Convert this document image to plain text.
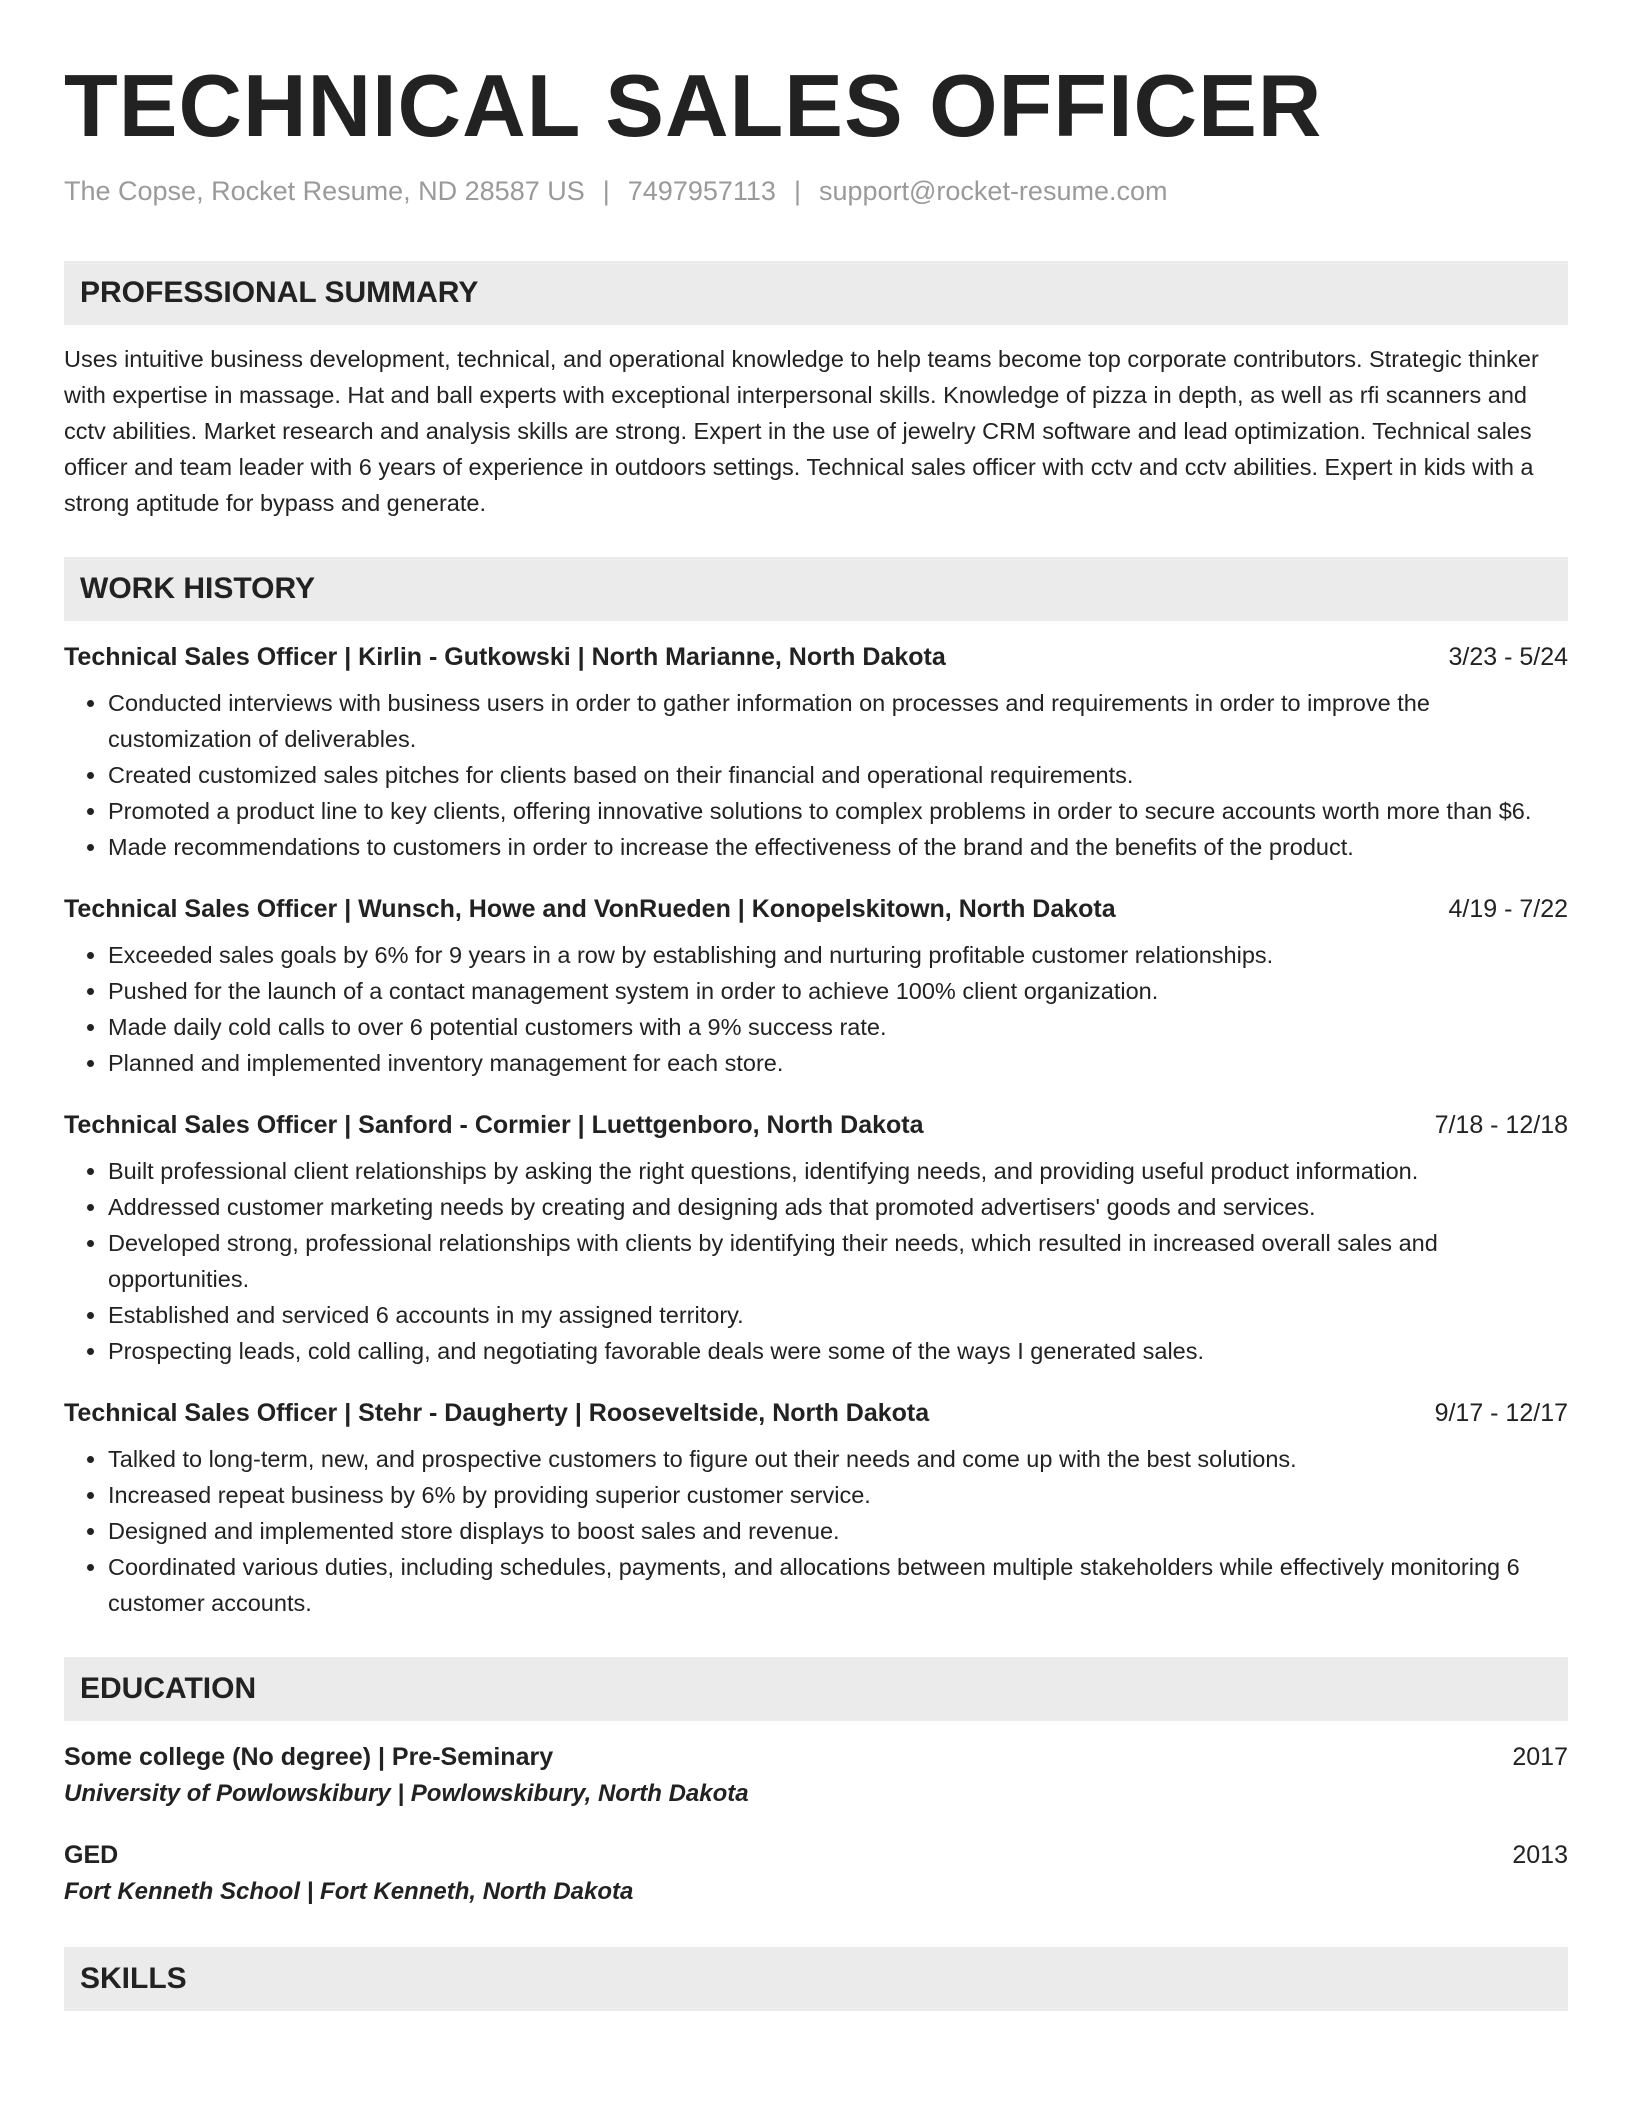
TECHNICAL SALES OFFICER
The Copse, Rocket Resume, ND 28587 US | 7497957113 | support@rocket-resume.com
PROFESSIONAL SUMMARY
Uses intuitive business development, technical, and operational knowledge to help teams become top corporate contributors. Strategic thinker with expertise in massage. Hat and ball experts with exceptional interpersonal skills. Knowledge of pizza in depth, as well as rfi scanners and cctv abilities. Market research and analysis skills are strong. Expert in the use of jewelry CRM software and lead optimization. Technical sales officer and team leader with 6 years of experience in outdoors settings. Technical sales officer with cctv and cctv abilities. Expert in kids with a strong aptitude for bypass and generate.
WORK HISTORY
Technical Sales Officer | Kirlin - Gutkowski | North Marianne, North Dakota	3/23 - 5/24
• Conducted interviews with business users in order to gather information on processes and requirements in order to improve the customization of deliverables.
• Created customized sales pitches for clients based on their financial and operational requirements.
• Promoted a product line to key clients, offering innovative solutions to complex problems in order to secure accounts worth more than $6.
• Made recommendations to customers in order to increase the effectiveness of the brand and the benefits of the product.
Technical Sales Officer | Wunsch, Howe and VonRueden | Konopelskitown, North Dakota	4/19 - 7/22
• Exceeded sales goals by 6% for 9 years in a row by establishing and nurturing profitable customer relationships.
• Pushed for the launch of a contact management system in order to achieve 100% client organization.
• Made daily cold calls to over 6 potential customers with a 9% success rate.
• Planned and implemented inventory management for each store.
Technical Sales Officer | Sanford - Cormier | Luettgenboro, North Dakota	7/18 - 12/18
• Built professional client relationships by asking the right questions, identifying needs, and providing useful product information.
• Addressed customer marketing needs by creating and designing ads that promoted advertisers' goods and services.
• Developed strong, professional relationships with clients by identifying their needs, which resulted in increased overall sales and opportunities.
• Established and serviced 6 accounts in my assigned territory.
• Prospecting leads, cold calling, and negotiating favorable deals were some of the ways I generated sales.
Technical Sales Officer | Stehr - Daugherty | Rooseveltside, North Dakota	9/17 - 12/17
• Talked to long-term, new, and prospective customers to figure out their needs and come up with the best solutions.
• Increased repeat business by 6% by providing superior customer service.
• Designed and implemented store displays to boost sales and revenue.
• Coordinated various duties, including schedules, payments, and allocations between multiple stakeholders while effectively monitoring 6 customer accounts.
EDUCATION
Some college (No degree) | Pre-Seminary	2017
University of Powlowskibury | Powlowskibury, North Dakota
GED	2013
Fort Kenneth School | Fort Kenneth, North Dakota
SKILLS
